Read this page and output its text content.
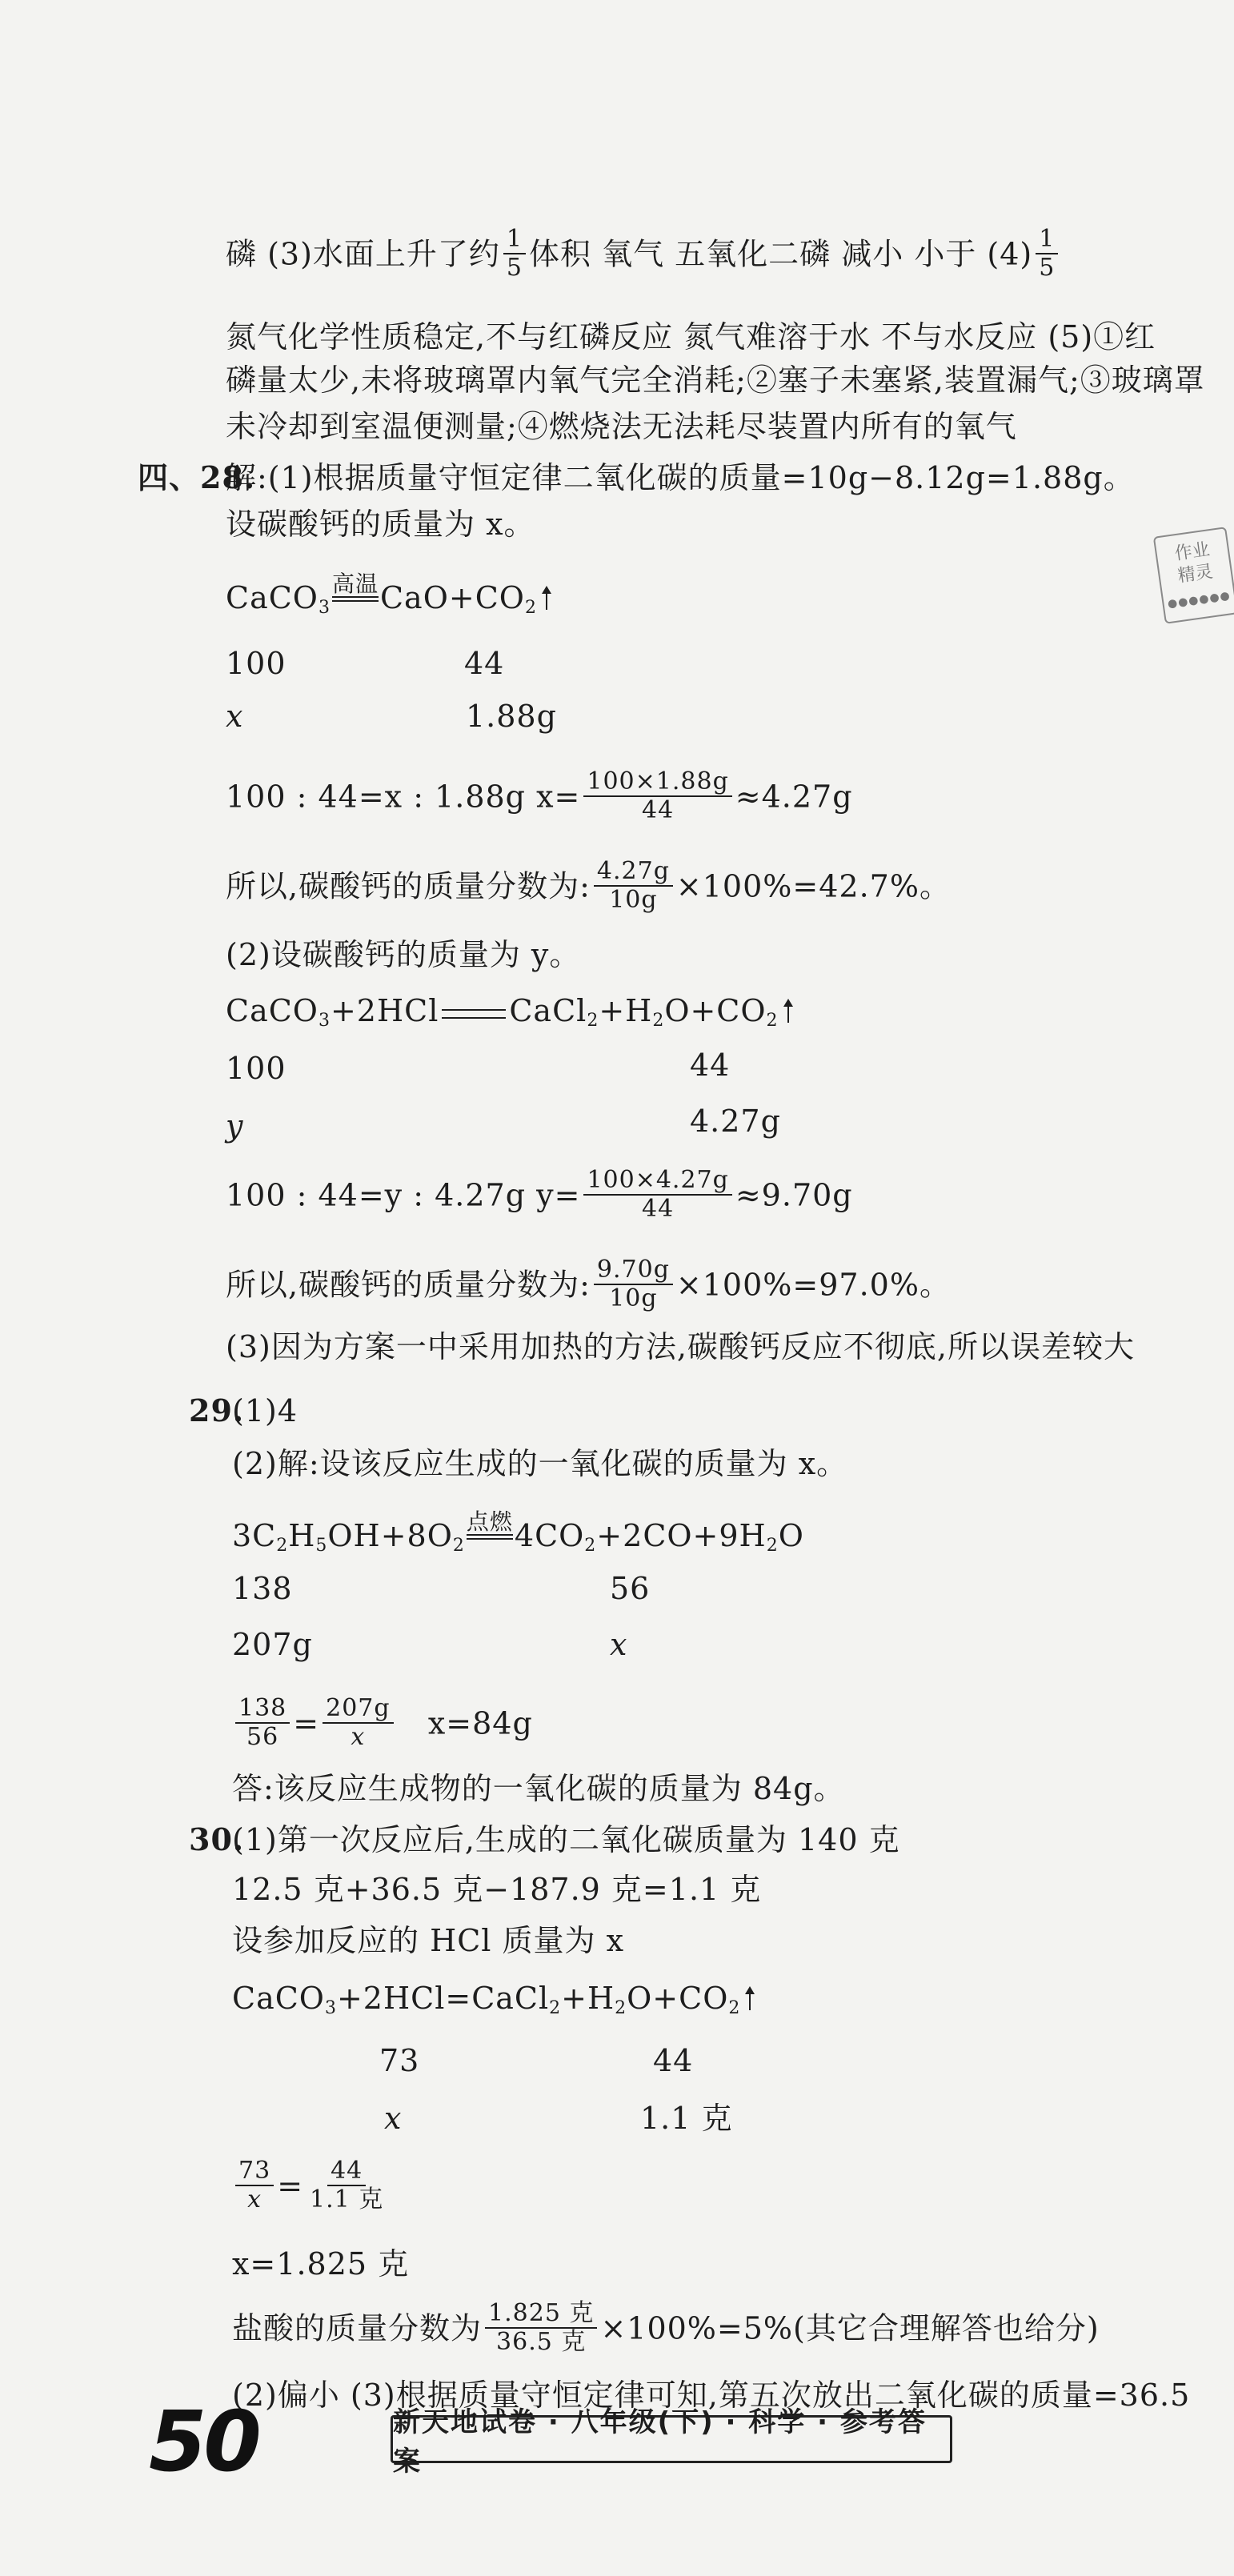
磷 (3)水面上升了约 $\frac{1}{5}$ 体积 氧气 五氧化二磷 减小 小于 $(4) \frac{1}{5}$
氮气化学性质稳定,不与红磷反应 氮气难溶于水 不与水反应 (5)①红
磷量太少,未将玻璃罩内氧气完全消耗;②塞子未塞紧,装置漏气;③玻璃罩
未冷却到室温便测量;④燃烧法无法耗尽装置内所有的氧气
四、28.
解:(1)根据质量守恒定律二氧化碳的质量=10g−8.12g=1.88g。
设碳酸钙的质量为 x。
CaCO$_3$
高温 $CaO+CO_2$
100	44
x	1.88g
100 : 44=x : 1.88g $x= \frac{100\times 1.88g}{44} \approx 4.27g$
所以,碳酸钙的质量分数为: $\frac{4.27g}{10g} \times 100\%=42.7\%$。
(2)设碳酸钙的质量为 y。
CaCO$_3$+2HCl $CaCl_2+H_2O+CO_2$
100	44
y	4.27g
100 : 44=y : 4.27g $y= \frac{100\times 4.27g}{44} \approx 9.70g$
所以,碳酸钙的质量分数为: $\frac{9.70g}{10g} \times 100\%=97.0\%$。
(3)因为方案一中采用加热的方法,碳酸钙反应不彻底,所以误差较大
29.
(1)4
(2)解:设该反应生成的一氧化碳的质量为 x。
$3C_2H_5OH+8O_2$
点燃 $4CO_2+2CO+9H_2O$
138	56
207g	x
$\frac{138}{56} = \frac{207g}{x} x=84g$
答:该反应生成物的一氧化碳的质量为 84g。
30.
(1)第一次反应后,生成的二氧化碳质量为 140 克
12.5 克+36.5 克−187.9 克=1.1 克
设参加反应的 HCl 质量为 x
$CaCO_3+2HCl=CaCl_2+H_2O+CO_2$
73	44
x	1.1 克
$\frac{73}{x} = \frac{44}{\text{1.1 克}}$
x=1.825 克
盐酸的质量分数为 $\frac{\text{1.825 克}}{\text{36.5 克}} \times 100\%=5\%$(其它合理解答也给分)
(2)偏小 (3)根据质量守恒定律可知,第五次放出二氧化碳的质量=36.5
50	新天地试卷 · 八年级(下) · 科学 · 参考答案
作业
精灵
●●●●●●
